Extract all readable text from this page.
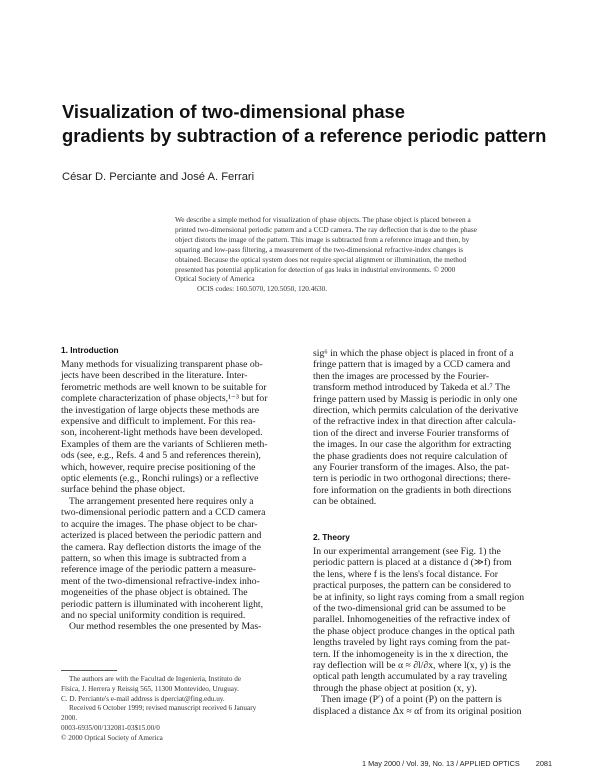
Visualization of two-dimensional phase
gradients by subtraction of a reference periodic pattern
César D. Perciante and José A. Ferrari
We describe a simple method for visualization of phase objects. The phase object is placed between a
printed two-dimensional periodic pattern and a CCD camera. The ray deflection that is due to the phase
object distorts the image of the pattern. This image is subtracted from a reference image and then, by
squaring and low-pass filtering, a measurement of the two-dimensional refractive-index changes is
obtained. Because the optical system does not require special alignment or illumination, the method
presented has potential application for detection of gas leaks in industrial environments. © 2000
Optical Society of America
OCIS codes: 160.5070, 120.5050, 120.4630.
1. Introduction
Many methods for visualizing transparent phase ob-
jects have been described in the literature. Inter-
ferometric methods are well known to be suitable for
complete characterization of phase objects,¹⁻³ but for
the investigation of large objects these methods are
expensive and difficult to implement. For this rea-
son, incoherent-light methods have been developed.
Examples of them are the variants of Schlieren meth-
ods (see, e.g., Refs. 4 and 5 and references therein),
which, however, require precise positioning of the
optic elements (e.g., Ronchi rulings) or a reflective
surface behind the phase object.
The arrangement presented here requires only a
two-dimensional periodic pattern and a CCD camera
to acquire the images. The phase object to be char-
acterized is placed between the periodic pattern and
the camera. Ray deflection distorts the image of the
pattern, so when this image is subtracted from a
reference image of the periodic pattern a measure-
ment of the two-dimensional refractive-index inho-
mogeneities of the phase object is obtained. The
periodic pattern is illuminated with incoherent light,
and no special uniformity condition is required.
Our method resembles the one presented by Mas-
sig⁶ in which the phase object is placed in front of a
fringe pattern that is imaged by a CCD camera and
then the images are processed by the Fourier-
transform method introduced by Takeda et al.⁷ The
fringe pattern used by Massig is periodic in only one
direction, which permits calculation of the derivative
of the refractive index in that direction after calcula-
tion of the direct and inverse Fourier transforms of
the images. In our case the algorithm for extracting
the phase gradients does not require calculation of
any Fourier transform of the images. Also, the pat-
tern is periodic in two orthogonal directions; there-
fore information on the gradients in both directions
can be obtained.
2. Theory
In our experimental arrangement (see Fig. 1) the
periodic pattern is placed at a distance d (≫f) from
the lens, where f is the lens's focal distance. For
practical purposes, the pattern can be considered to
be at infinity, so light rays coming from a small region
of the two-dimensional grid can be assumed to be
parallel. Inhomogeneities of the refractive index of
the phase object produce changes in the optical path
lengths traveled by light rays coming from the pat-
tern. If the inhomogeneity is in the x direction, the
ray deflection will be α ≈ ∂l/∂x, where l(x, y) is the
optical path length accumulated by a ray traveling
through the phase object at position (x, y).
Then image (P′) of a point (P) on the pattern is
displaced a distance Δx ≈ αf from its original position
The authors are with the Facultad de Ingenieria, Instituto de
Física, J. Herrera y Reissig 565, 11300 Montevideo, Uruguay.
C. D. Perciante's e-mail address is dperciat@fing.edu.uy.
Received 6 October 1999; revised manuscript received 6 January
2000.
0003-6935/00/132081-03$15.00/0
© 2000 Optical Society of America
1 May 2000 / Vol. 39, No. 13 / APPLIED OPTICS 2081
